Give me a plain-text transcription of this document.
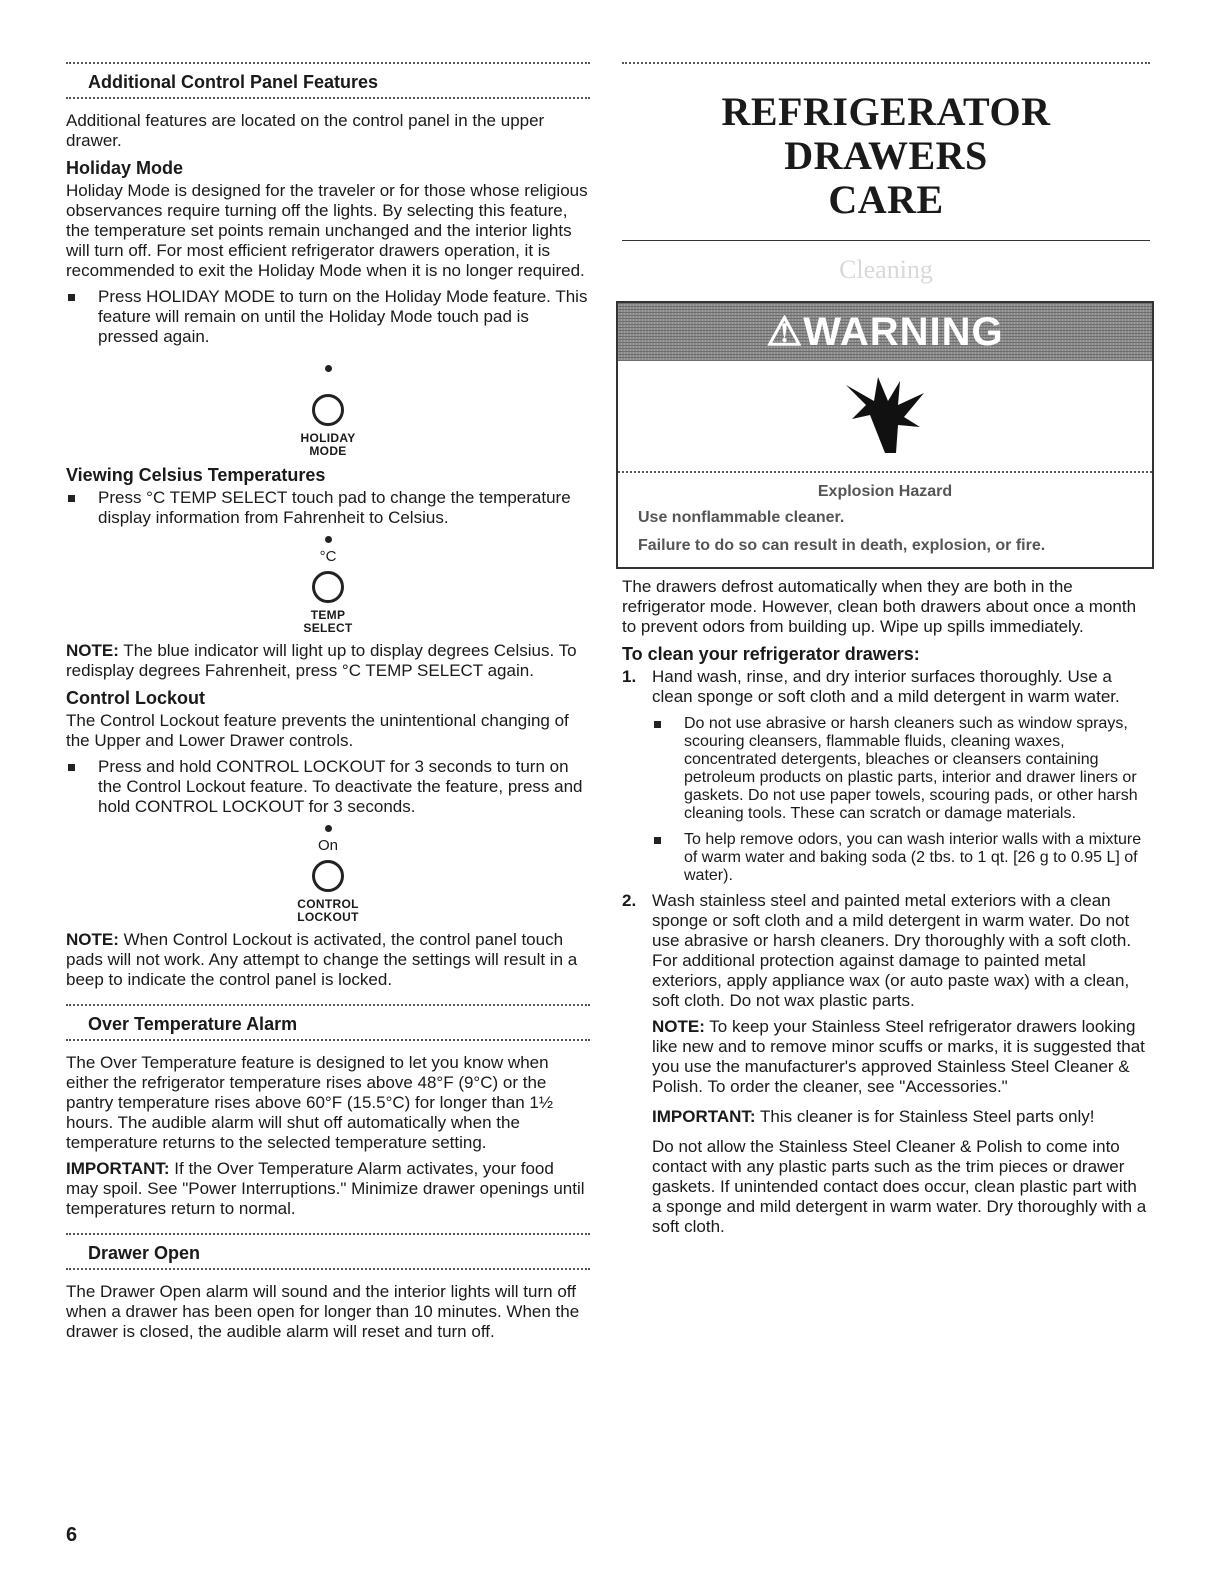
Additional Control Panel Features

Additional features are located on the control panel in the upper drawer.

Holiday Mode

Holiday Mode is designed for the traveler or for those whose religious observances require turning off the lights. By selecting this feature, the temperature set points remain unchanged and the interior lights will turn off. For most efficient refrigerator drawers operation, it is recommended to exit the Holiday Mode when it is no longer required.

Press HOLIDAY MODE to turn on the Holiday Mode feature. This feature will remain on until the Holiday Mode touch pad is pressed again.
HOLIDAY
MODE
Viewing Celsius Temperatures
Press °C TEMP SELECT touch pad to change the temperature display information from Fahrenheit to Celsius.
°C
TEMP
SELECT

NOTE: The blue indicator will light up to display degrees Celsius. To redisplay degrees Fahrenheit, press °C TEMP SELECT again.

Control Lockout

The Control Lockout feature prevents the unintentional changing of the Upper and Lower Drawer controls.

Press and hold CONTROL LOCKOUT for 3 seconds to turn on the Control Lockout feature. To deactivate the feature, press and hold CONTROL LOCKOUT for 3 seconds.
On
CONTROL
LOCKOUT

NOTE: When Control Lockout is activated, the control panel touch pads will not work. Any attempt to change the settings will result in a beep to indicate the control panel is locked.

Over Temperature Alarm

The Over Temperature feature is designed to let you know when either the refrigerator temperature rises above 48°F (9°C) or the pantry temperature rises above 60°F (15.5°C) for longer than 1½ hours. The audible alarm will shut off automatically when the temperature returns to the selected temperature setting.

IMPORTANT: If the Over Temperature Alarm activates, your food may spoil. See "Power Interruptions." Minimize drawer openings until temperatures return to normal.

Drawer Open

The Drawer Open alarm will sound and the interior lights will turn off when a drawer has been open for longer than 10 minutes. When the drawer is closed, the audible alarm will reset and turn off.

REFRIGERATOR DRAWERS
CARE
Cleaning
⚠WARNING
Explosion Hazard
Use nonflammable cleaner.
Failure to do so can result in death, explosion, or fire.

The drawers defrost automatically when they are both in the refrigerator mode. However, clean both drawers about once a month to prevent odors from building up. Wipe up spills immediately.

To clean your refrigerator drawers:
1. Hand wash, rinse, and dry interior surfaces thoroughly. Use a clean sponge or soft cloth and a mild detergent in warm water.
Do not use abrasive or harsh cleaners such as window sprays, scouring cleansers, flammable fluids, cleaning waxes, concentrated detergents, bleaches or cleansers containing petroleum products on plastic parts, interior and drawer liners or gaskets. Do not use paper towels, scouring pads, or other harsh cleaning tools. These can scratch or damage materials.
To help remove odors, you can wash interior walls with a mixture of warm water and baking soda (2 tbs. to 1 qt. [26 g to 0.95 L] of water).
2. Wash stainless steel and painted metal exteriors with a clean sponge or soft cloth and a mild detergent in warm water. Do not use abrasive or harsh cleaners. Dry thoroughly with a soft cloth. For additional protection against damage to painted metal exteriors, apply appliance wax (or auto paste wax) with a clean, soft cloth. Do not wax plastic parts.

NOTE: To keep your Stainless Steel refrigerator drawers looking like new and to remove minor scuffs or marks, it is suggested that you use the manufacturer's approved Stainless Steel Cleaner & Polish. To order the cleaner, see "Accessories."

IMPORTANT: This cleaner is for Stainless Steel parts only!

Do not allow the Stainless Steel Cleaner & Polish to come into contact with any plastic parts such as the trim pieces or drawer gaskets. If unintended contact does occur, clean plastic part with a sponge and mild detergent in warm water. Dry thoroughly with a soft cloth.

6
